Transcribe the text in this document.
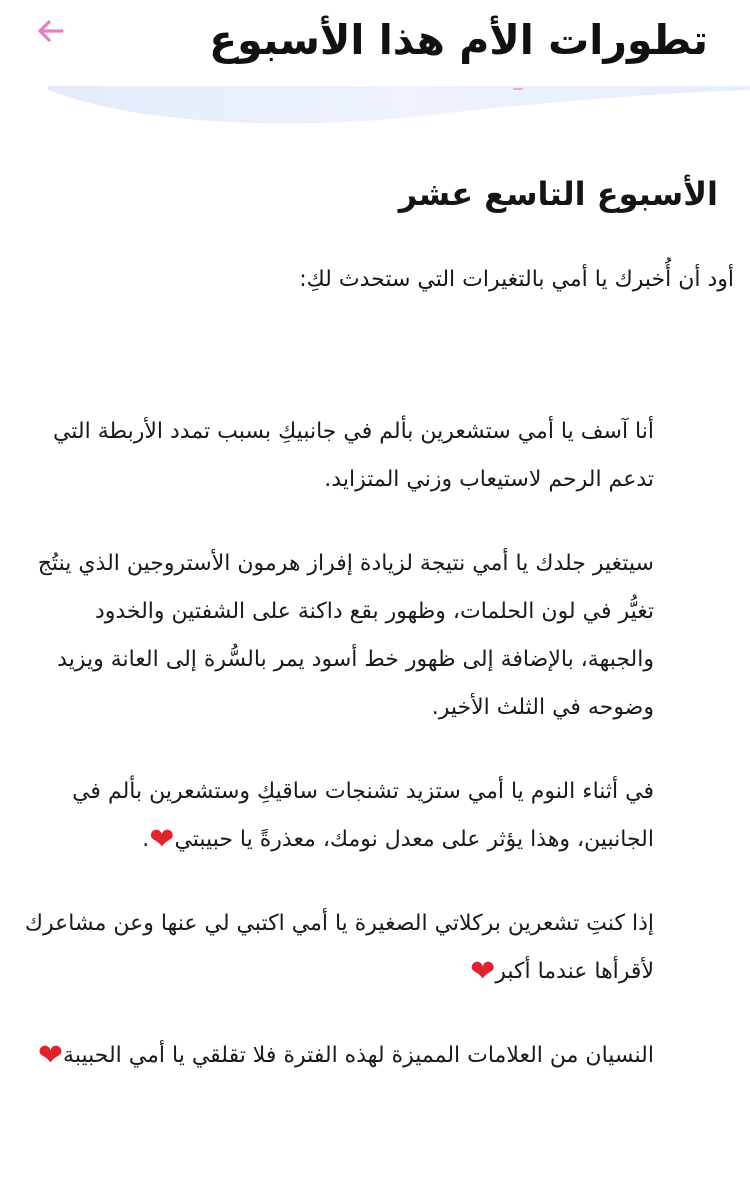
تطورات الأم هذا الأسبوع
الأسبوع التاسع عشر
أود أن أُخبرك يا أمي بالتغيرات التي ستحدث لكِ:

أنا آسف يا أمي ستشعرين بألم في جانبيكِ بسبب تمدد الأربطة التي تدعم الرحم لاستيعاب وزني المتزايد.

سيتغير جلدك يا أمي نتيجة لزيادة إفراز هرمون الأستروجين الذي ينتُج تغيُّر في لون الحلمات، وظهور بقع داكنة على الشفتين والخدود والجبهة، بالإضافة إلى ظهور خط أسود يمر بالسُّرة إلى العانة ويزيد وضوحه في الثلث الأخير.

في أثناء النوم يا أمي ستزيد تشنجات ساقيكِ وستشعرين بألم في الجانبين، وهذا يؤثر على معدل نومك، معذرةً يا حبيبتي❤.

إذا كنتِ تشعرين بركلاتي الصغيرة يا أمي اكتبي لي عنها وعن مشاعرك لأقرأها عندما أكبر❤

النسيان من العلامات المميزة لهذه الفترة فلا تقلقي يا أمي الحبيبة❤
